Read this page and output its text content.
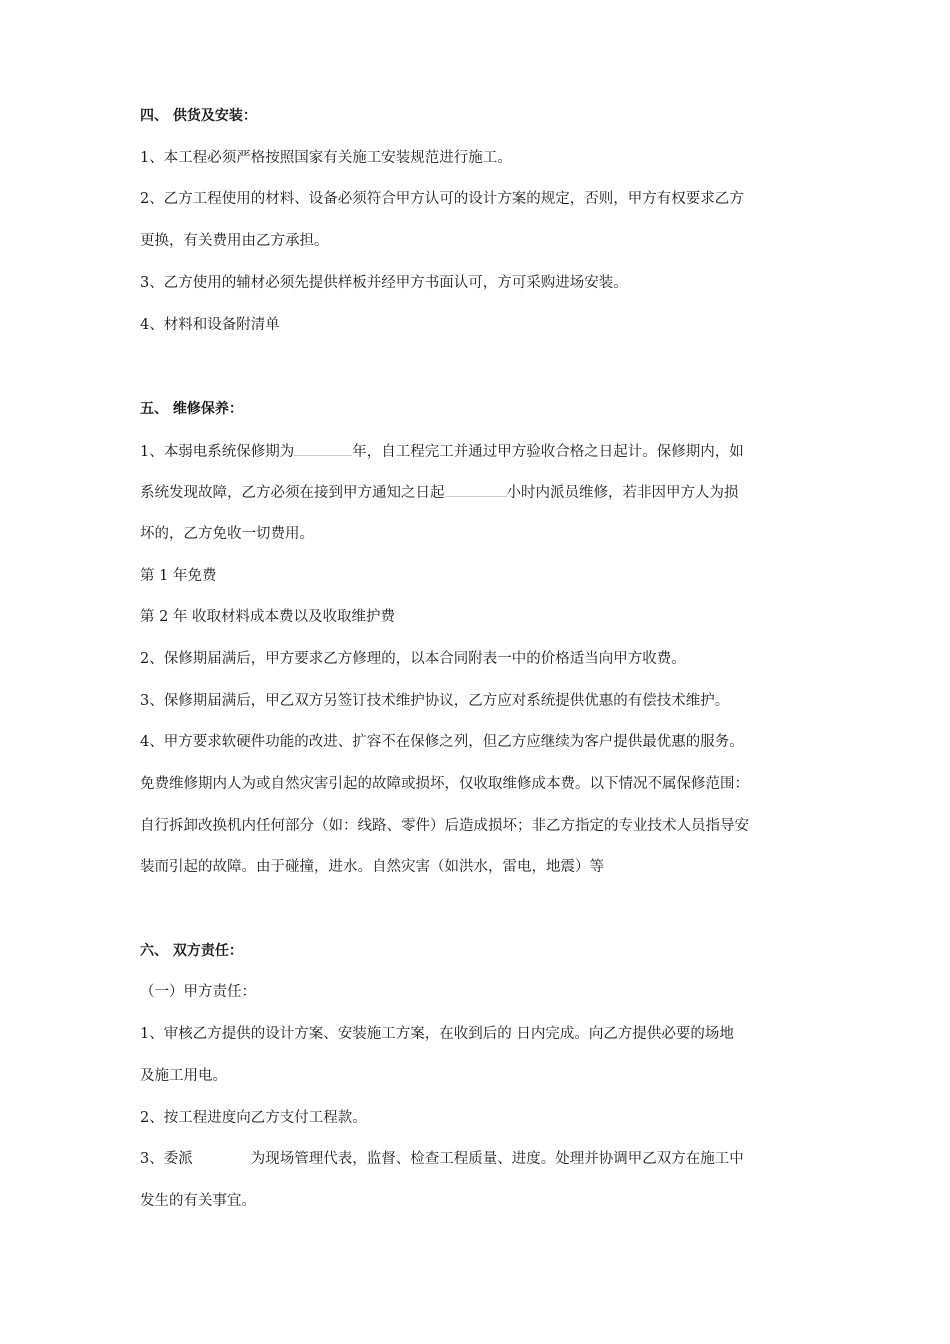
四、 供货及安装：
1、本工程必须严格按照国家有关施工安装规范进行施工。
2、乙方工程使用的材料、设备必须符合甲方认可的设计方案的规定，否则，甲方有权要求乙方
更换，有关费用由乙方承担。
3、乙方使用的辅材必须先提供样板并经甲方书面认可，方可采购进场安装。
4、材料和设备附清单
五、 维修保养：
1、本弱电系统保修期为	年，自工程完工并通过甲方验收合格之日起计。保修期内，如
系统发现故障，乙方必须在接到甲方通知之日起	小时内派员维修，若非因甲方人为损
坏的，乙方免收一切费用。
第 1 年免费
第 2 年 收取材料成本费以及收取维护费
2、保修期届满后，甲方要求乙方修理的，以本合同附表一中的价格适当向甲方收费。
3、保修期届满后，甲乙双方另签订技术维护协议，乙方应对系统提供优惠的有偿技术维护。
4、甲方要求软硬件功能的改进、扩容不在保修之列，但乙方应继续为客户提供最优惠的服务。
免费维修期内人为或自然灾害引起的故障或损坏，仅收取维修成本费。以下情况不属保修范围：
自行拆卸改换机内任何部分（如：线路、零件）后造成损坏；非乙方指定的专业技术人员指导安
装而引起的故障。由于碰撞，进水。自然灾害（如洪水，雷电，地震）等
六、 双方责任：
（一）甲方责任：
1、审核乙方提供的设计方案、安装施工方案，在收到后的 日内完成。向乙方提供必要的场地
及施工用电。
2、按工程进度向乙方支付工程款。
3、委派	为现场管理代表，监督、检查工程质量、进度。处理并协调甲乙双方在施工中
发生的有关事宜。
